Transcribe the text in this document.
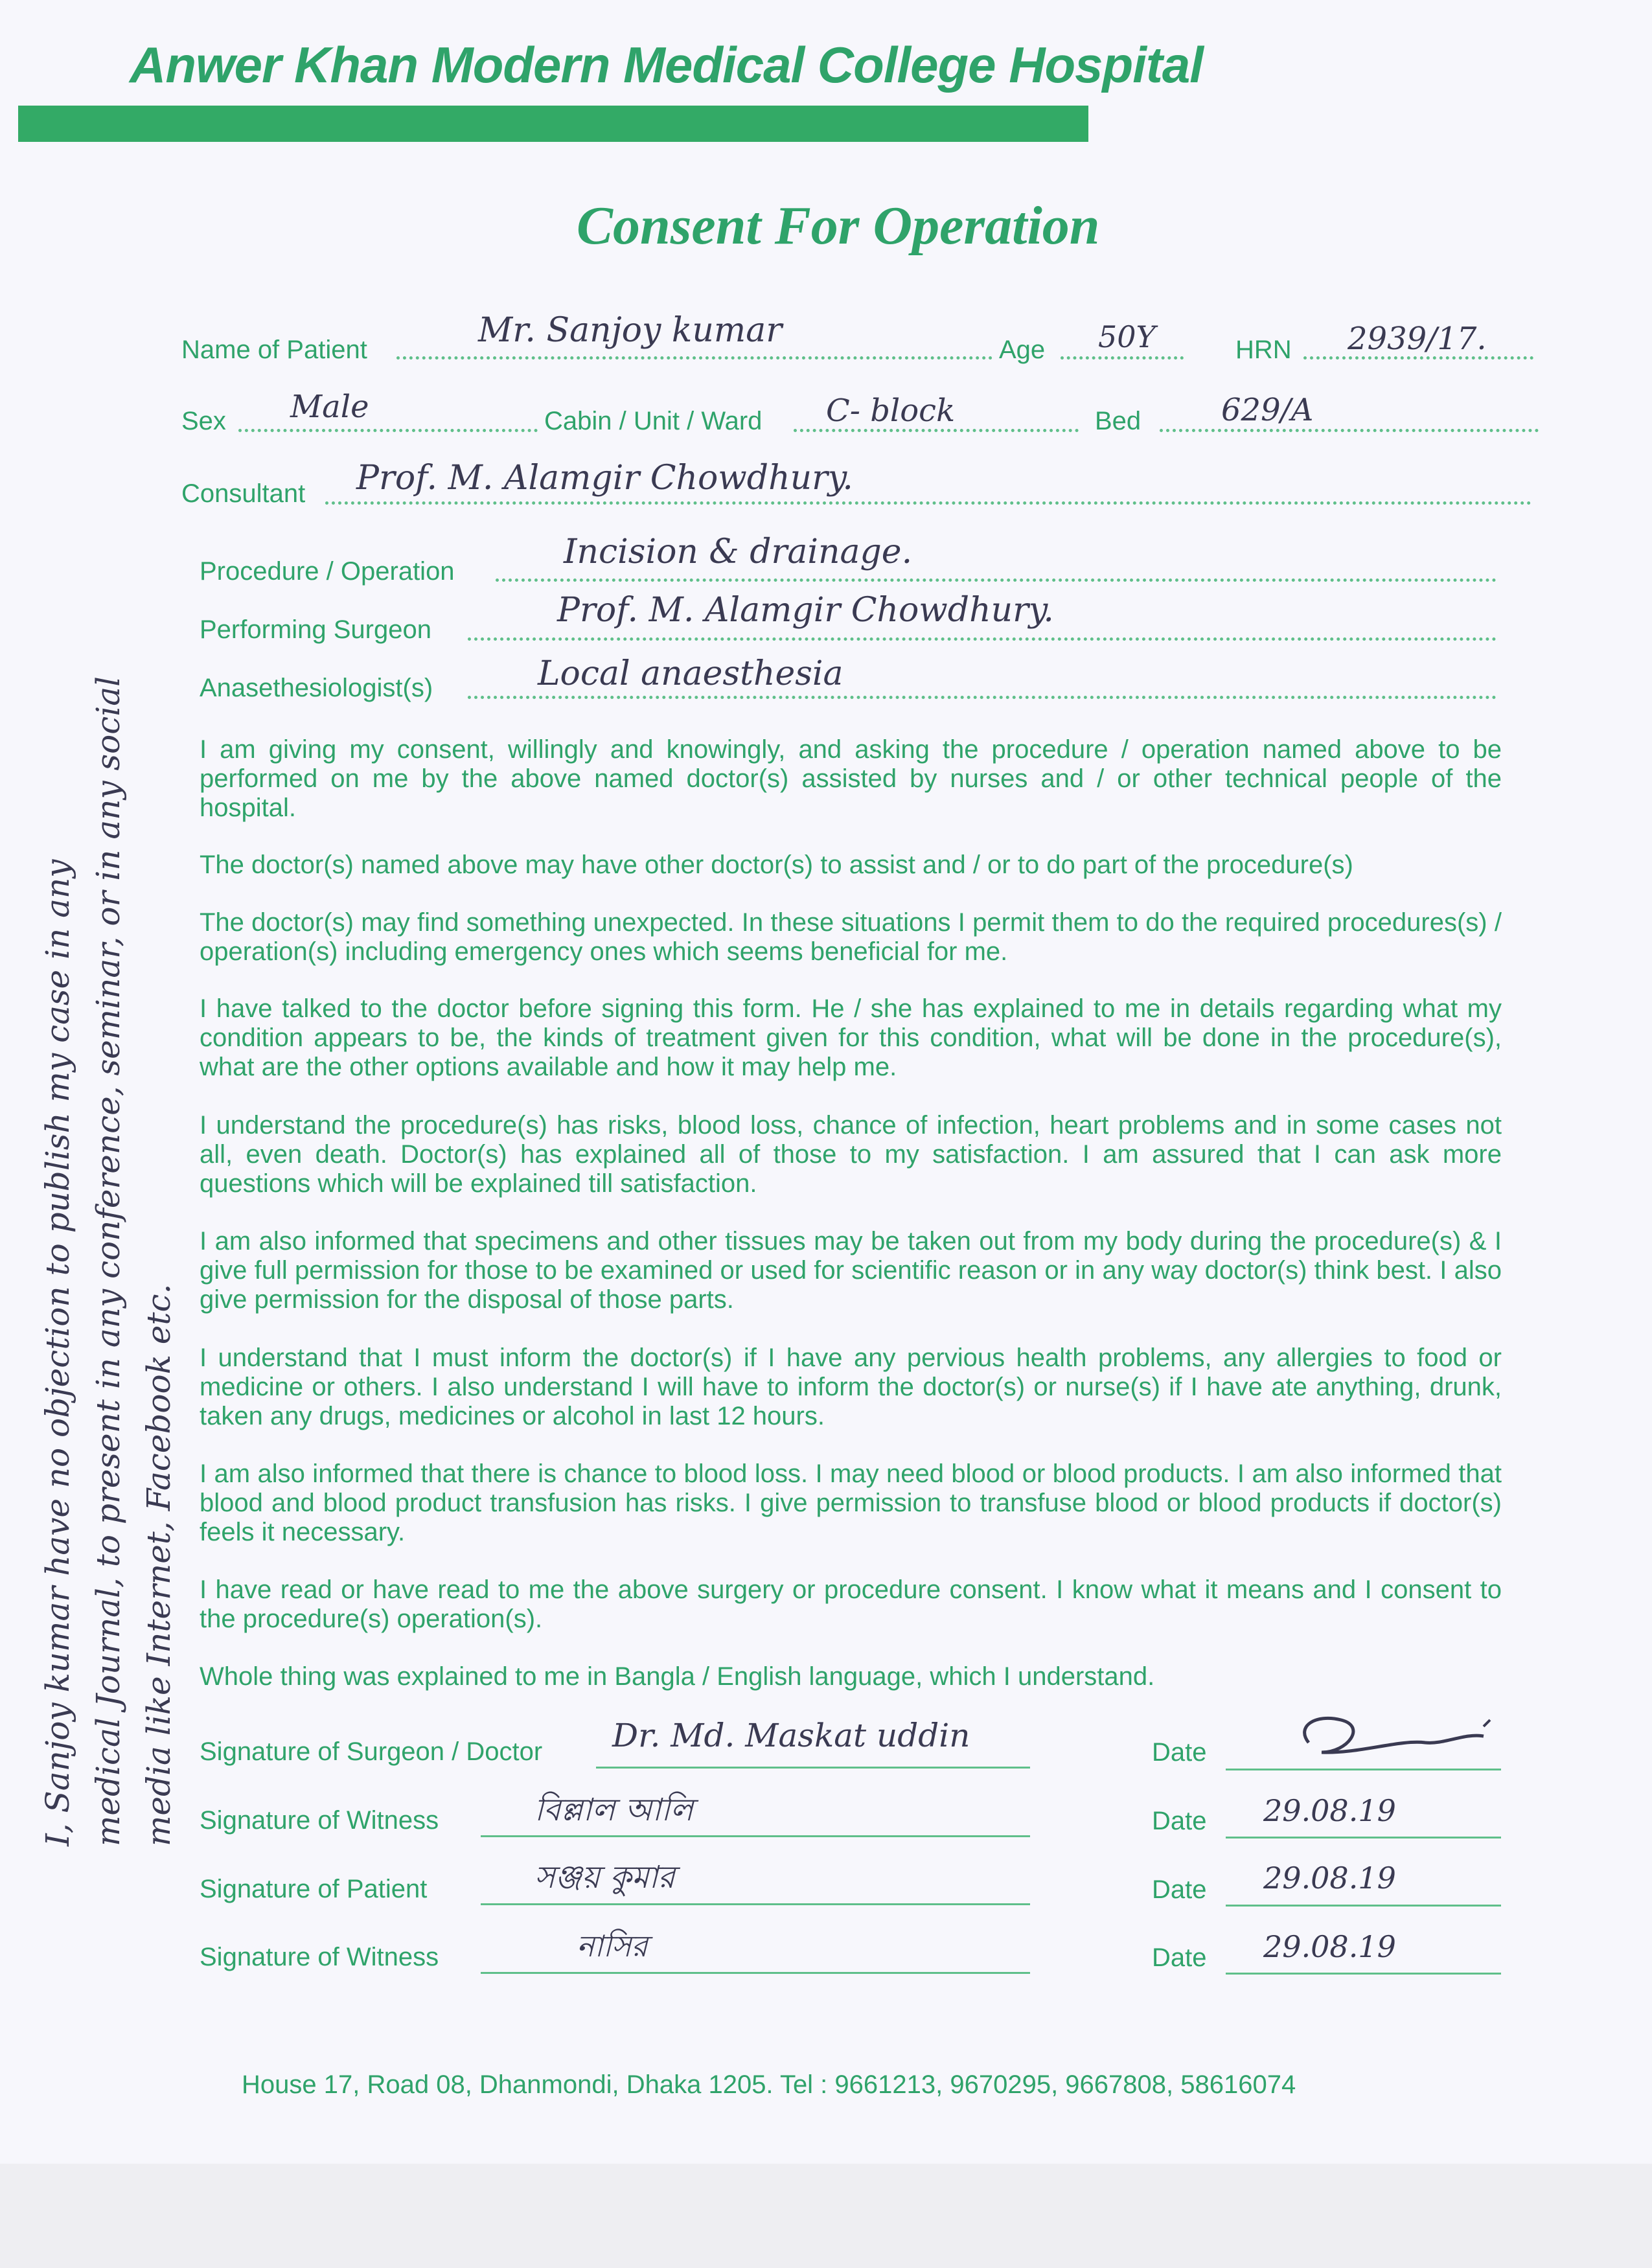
Anwer Khan Modern Medical College Hospital
Consent For Operation
Name of Patient	Mr. Sanjoy kumar	Age 50Y	HRN 2939/17.
Sex Male	Cabin / Unit / Ward C- block	Bed	629/A
Consultant Prof. M. Alamgir Chowdhury.
Procedure / Operation	Incision & drainage.
Performing Surgeon	Prof. M. Alamgir Chowdhury.
Anasethesiologist(s)	Local anaesthesia
I am giving my consent, willingly and knowingly, and asking the procedure / operation named above to be performed on me by the above named doctor(s) assisted by nurses and / or other technical people of the hospital.
The doctor(s) named above may have other doctor(s) to assist and / or to do part of the procedure(s)
The doctor(s) may find something unexpected. In these situations I permit them to do the required procedures(s) / operation(s) including emergency ones which seems beneficial for me.
I have talked to the doctor before signing this form. He / she has explained to me in details regarding what my condition appears to be, the kinds of treatment given for this condition, what will be done in the procedure(s), what are the other options available and how it may help me.
I understand the procedure(s) has risks, blood loss, chance of infection, heart problems and in some cases not all, even death. Doctor(s) has explained all of those to my satisfaction. I am assured that I can ask more questions which will be explained till satisfaction.
I am also informed that specimens and other tissues may be taken out from my body during the procedure(s) & I give full permission for those to be examined or used for scientific reason or in any way doctor(s) think best. I also give permission for the disposal of those parts.
I understand that I must inform the doctor(s) if I have any pervious health problems, any allergies to food or medicine or others. I also understand I will have to inform the doctor(s) or nurse(s) if I have ate anything, drunk, taken any drugs, medicines or alcohol in last 12 hours.
I am also informed that there is chance to blood loss. I may need blood or blood products. I am also informed that blood and blood product transfusion has risks. I give permission to transfuse blood or blood products if doctor(s) feels it necessary.
I have read or have read to me the above surgery or procedure consent. I know what it means and I consent to the procedure(s) operation(s).
Whole thing was explained to me in Bangla / English language, which I understand.
Signature of Surgeon / Doctor Dr. Md. Maskat uddin	Date
Signature of Witness	বিল্লাল আলি	Date 29.08.19
Signature of Patient	সঞ্জয় কুমার	Date 29.08.19
Signature of Witness	নাসির	Date 29.08.19
I, Sanjoy kumar have no objection to publish my case in any medical Journal, to present in any conference, seminar, or in any social media like Internet, Facebook etc.
House 17, Road 08, Dhanmondi, Dhaka 1205. Tel : 9661213, 9670295, 9667808, 58616074
